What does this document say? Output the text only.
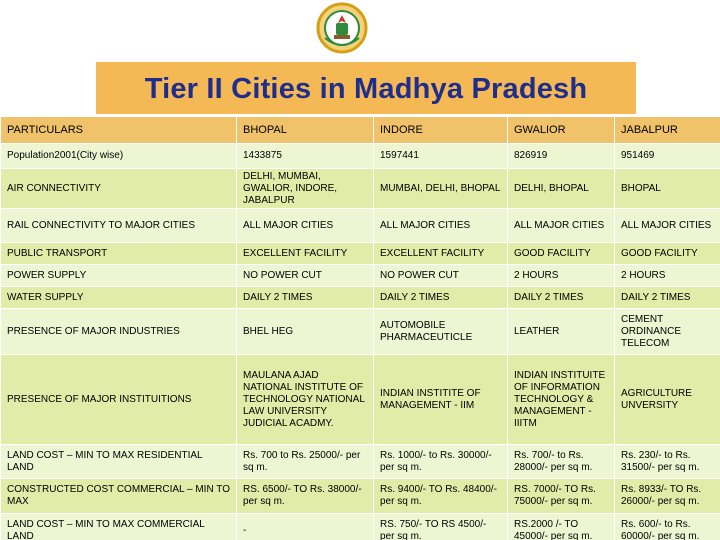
Tier II Cities in Madhya Pradesh
PARTICULARS	BHOPAL	INDORE	GWALIOR	JABALPUR
Population2001(City wise)	1433875	1597441	826919	951469
AIR CONNECTIVITY	DELHI, MUMBAI, GWALIOR, INDORE, JABALPUR	MUMBAI, DELHI, BHOPAL	DELHI, BHOPAL	BHOPAL
RAIL CONNECTIVITY TO MAJOR CITIES	ALL MAJOR CITIES	ALL MAJOR CITIES	ALL MAJOR CITIES	ALL MAJOR CITIES
PUBLIC TRANSPORT	EXCELLENT FACILITY	EXCELLENT FACILITY	GOOD FACILITY	GOOD FACILITY
POWER SUPPLY	NO POWER CUT	NO POWER CUT	2 HOURS	2 HOURS
WATER SUPPLY	DAILY 2 TIMES	DAILY 2 TIMES	DAILY 2 TIMES	DAILY 2 TIMES
PRESENCE OF MAJOR INDUSTRIES	BHEL HEG	AUTOMOBILE PHARMACEUTICLE	LEATHER	CEMENT ORDINANCE TELECOM
PRESENCE OF MAJOR INSTITUITIONS	MAULANA AJAD NATIONAL INSTITUTE OF TECHNOLOGY NATIONAL LAW UNIVERSITY JUDICIAL ACADMY.	INDIAN INSTITITE OF MANAGEMENT - IIM	INDIAN INSTITUITE OF INFORMATION TECHNOLOGY & MANAGEMENT - IIITM	AGRICULTURE UNVERSITY
LAND COST – MIN TO MAX RESIDENTIAL LAND	Rs. 700 to Rs. 25000/- per sq m.	Rs. 1000/- to Rs. 30000/- per sq m.	Rs. 700/- to Rs. 28000/- per sq m.	Rs. 230/- to Rs. 31500/- per sq m.
CONSTRUCTED COST COMMERCIAL – MIN TO MAX	RS. 6500/- TO Rs. 38000/- per sq m.	Rs. 9400/- TO Rs. 48400/- per sq m.	RS. 7000/- TO Rs. 75000/- per sq m.	Rs. 8933/- TO Rs. 26000/- per sq m.
LAND COST – MIN TO MAX COMMERCIAL LAND	-	RS. 750/- TO RS 4500/- per sq m.	RS.2000 /- TO 45000/- per sq m.	Rs. 600/- to Rs. 60000/- per sq m.
